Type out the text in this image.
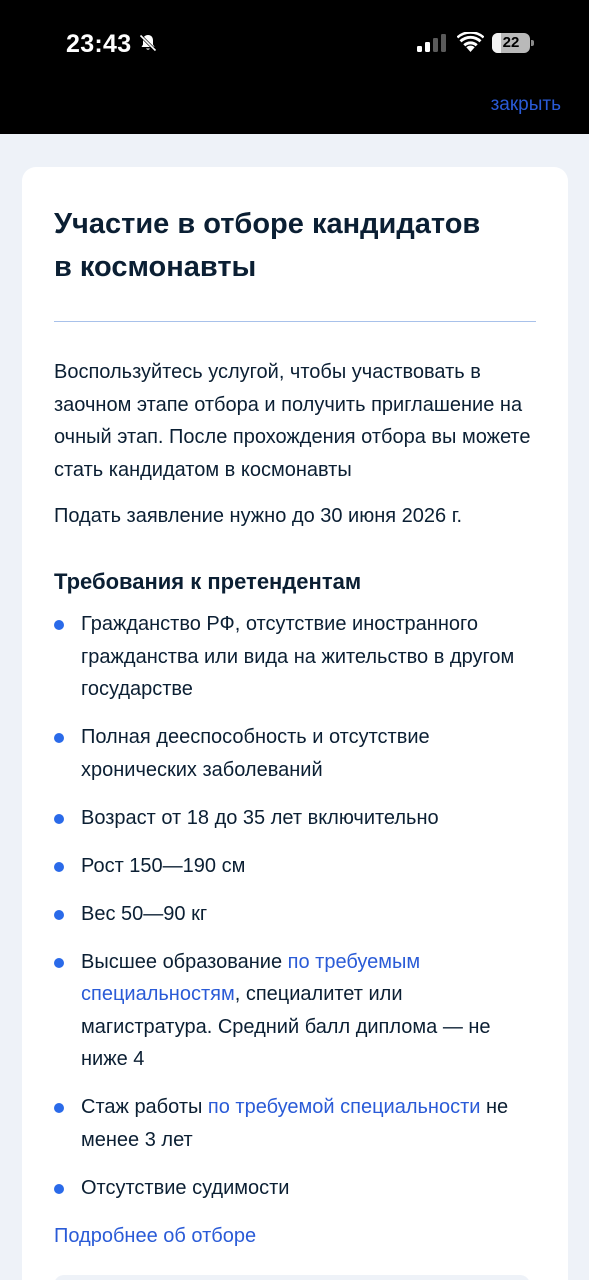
23:43	22
закрыть
Участие в отборе кандидатов
в космонавты

Воспользуйтесь услугой, чтобы участвовать в заочном этапе отбора и получить приглашение на очный этап. После прохождения отбора вы можете стать кандидатом в космонавты

Подать заявление нужно до 30 июня 2026 г.

Требования к претендентам
Гражданство РФ, отсутствие иностранного гражданства или вида на жительство в другом государстве
Полная дееспособность и отсутствие хронических заболеваний
Возраст от 18 до 35 лет включительно
Рост 150—190 см
Вес 50—90 кг
Высшее образование по требуемым специальностям, специалитет или магистратура. Средний балл диплома — не ниже 4
Стаж работы по требуемой специальности не менее 3 лет
Отсутствие судимости
Подробнее об отборе
